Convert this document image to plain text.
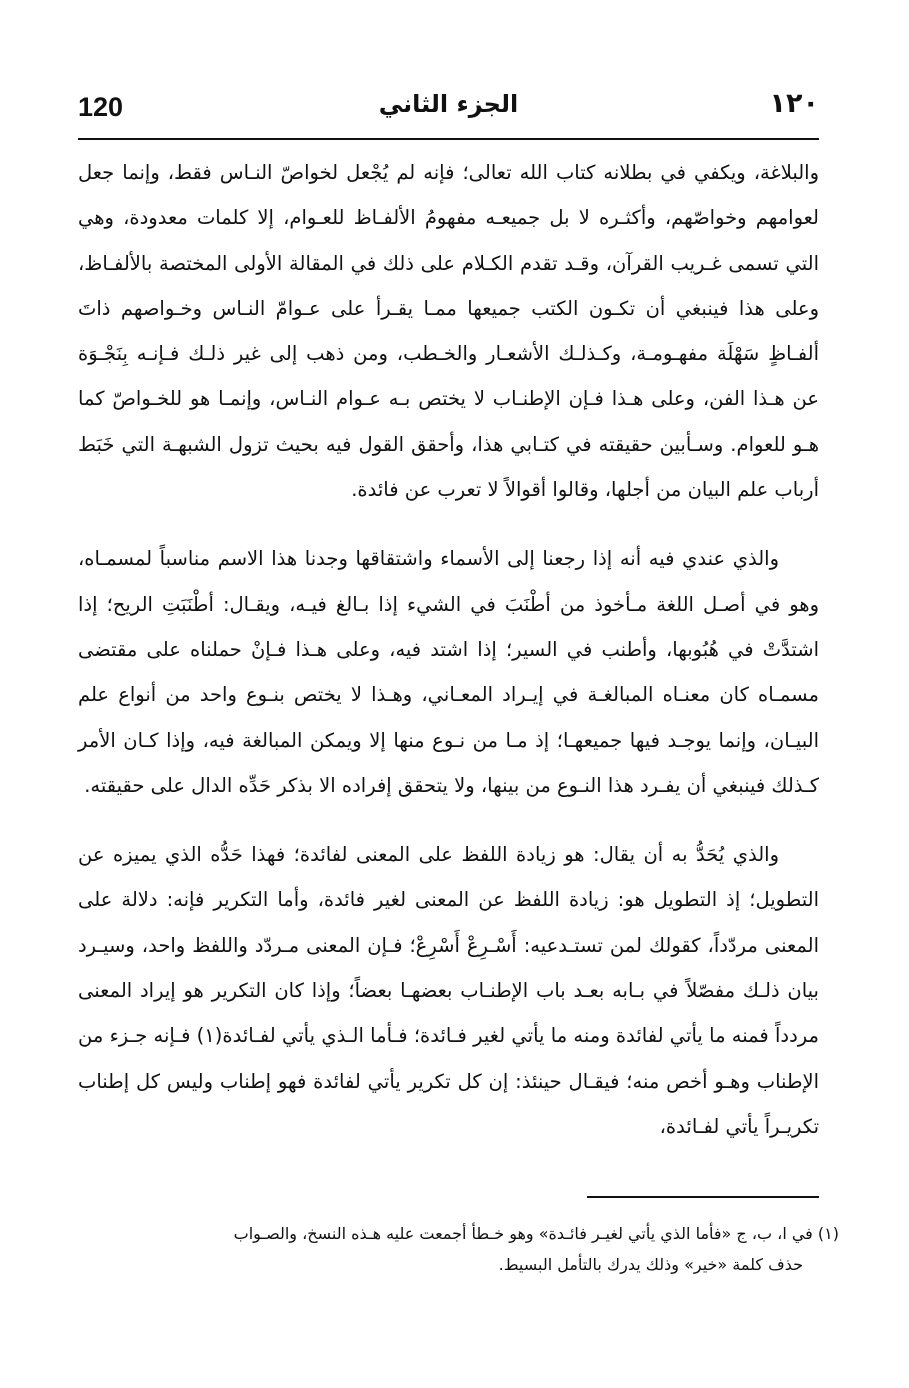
120	الجزء الثاني	١٢٠

والبلاغة، ويكفي في بطلانه كتاب الله تعالى؛ فإنه لم يُجْعل لخواصّ النـاس فقط، وإنما جعل لعوامهم وخواصّهم، وأكثـره لا بل جميعـه مفهومُ الألفـاظ للعـوام، إلا كلمات معدودة، وهي التي تسمى غـريب القرآن، وقـد تقدم الكـلام على ذلك في المقالة الأولى المختصة بالألفـاظ، وعلى هذا فينبغي أن تكـون الكتب جميعها ممـا يقـرأ على عـوامّ النـاس وخـواصهم ذاتَ ألفـاظٍ سَهْلَة مفهـومـة، وكـذلـك الأشعـار والخـطب، ومن ذهب إلى غير ذلـك فـإنـه بِنَجْـوَة عن هـذا الفن، وعلى هـذا فـإن الإطنـاب لا يختص بـه عـوام النـاس، وإنمـا هو للخـواصّ كما هـو للعوام. وسـأبين حقيقته في كتـابي هذا، وأحقق القول فيه بحيث تزول الشبهـة التي خَبَط أرباب علم البيان من أجلها، وقالوا أقوالاً لا تعرب عن فائدة.

والذي عندي فيه أنه إذا رجعنا إلى الأسماء واشتقاقها وجدنا هذا الاسم مناسباً لمسمـاه، وهو في أصـل اللغة مـأخوذ من أطْنَبَ في الشيء إذا بـالغ فيـه، ويقـال: أطْنَبَتِ الريح؛ إذا اشتدَّتْ في هُبُوبها، وأطنب في السير؛ إذا اشتد فيه، وعلى هـذا فـإنْ حملناه على مقتضى مسمـاه كان معنـاه المبالغـة في إيـراد المعـاني، وهـذا لا يختص بنـوع واحد من أنواع علم البيـان، وإنما يوجـد فيها جميعهـا؛ إذ مـا من نـوع منها إلا ويمكن المبالغة فيه، وإذا كـان الأمر كـذلك فينبغي أن يفـرد هذا النـوع من بينها، ولا يتحقق إفراده الا بذكر حَدِّه الدال على حقيقته.

والذي يُحَدُّ به أن يقال: هو زيادة اللفظ على المعنى لفائدة؛ فهذا حَدُّه الذي يميزه عن التطويل؛ إذ التطويل هو: زيادة اللفظ عن المعنى لغير فائدة، وأما التكرير فإنه: دلالة على المعنى مردّداً، كقولك لمن تستـدعيه: أَسْـرِعْ أَسْرِعْ؛ فـإن المعنى مـردّد واللفظ واحد، وسيـرد بيان ذلـك مفصّلاً في بـابه بعـد باب الإطنـاب بعضهـا بعضاً؛ وإذا كان التكرير هو إيراد المعنى مردداً فمنه ما يأتي لفائدة ومنه ما يأتي لغير فـائدة؛ فـأما الـذي يأتي لفـائدة(١) فـإنه جـزء من الإطناب وهـو أخص منه؛ فيقـال حينئذ: إن كل تكرير يأتي لفائدة فهو إطناب وليس كل إطناب تكريـراً يأتي لفـائدة،

(١) في ا، ب، ج «فأما الذي يأتي لغيـر فائـدة» وهو خـطأ أجمعت عليه هـذه النسخ، والصـواب
حذف كلمة «خير» وذلك يدرك بالتأمل البسيط.
